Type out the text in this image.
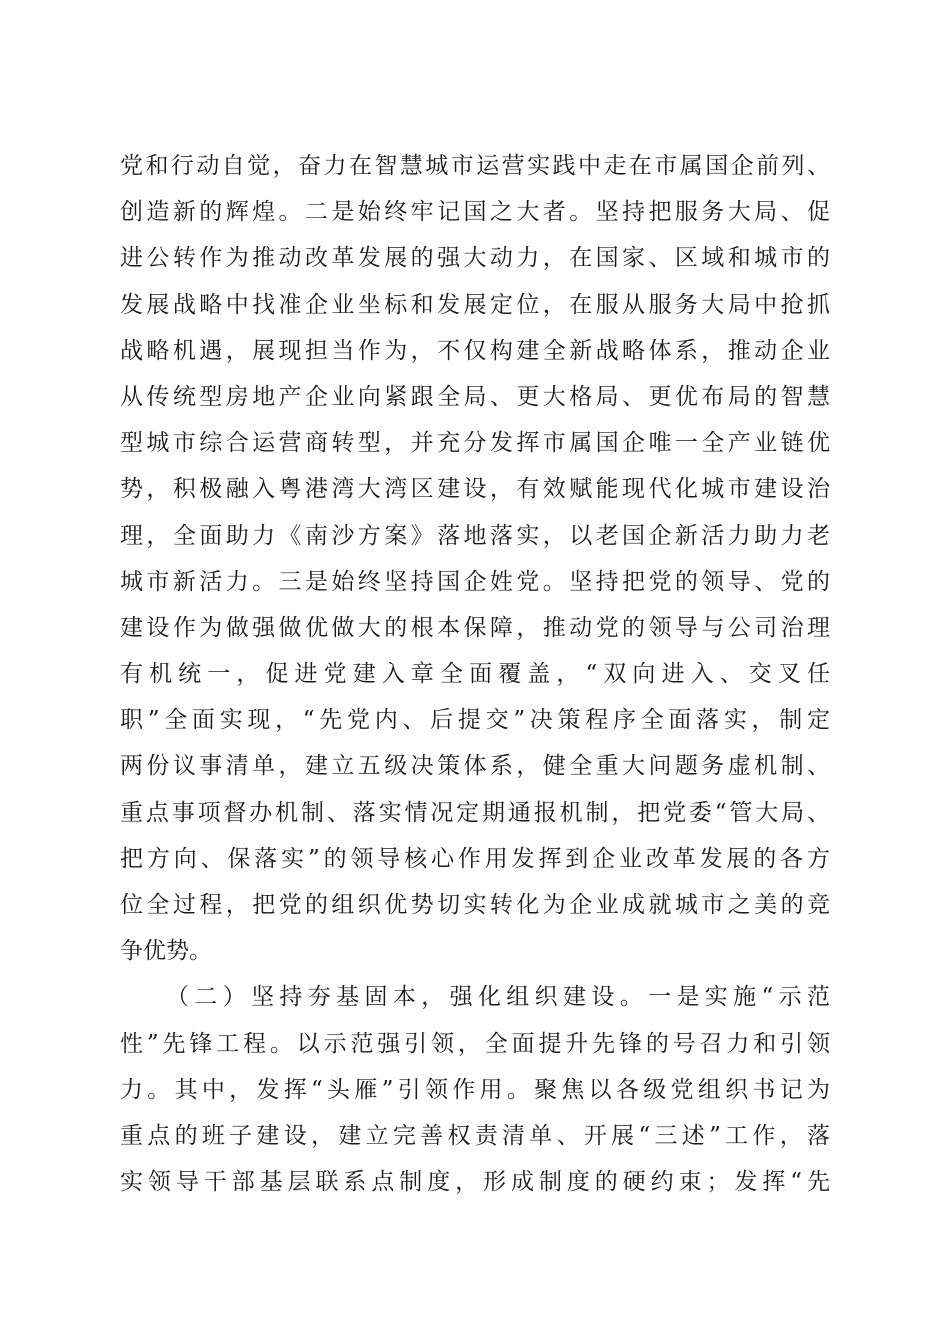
党和行动自觉，奋力在智慧城市运营实践中走在市属国企前列、
创造新的辉煌。二是始终牢记国之大者。坚持把服务大局、促
进公转作为推动改革发展的强大动力，在国家、区域和城市的
发展战略中找准企业坐标和发展定位，在服从服务大局中抢抓
战略机遇，展现担当作为，不仅构建全新战略体系，推动企业
从传统型房地产企业向紧跟全局、更大格局、更优布局的智慧
型城市综合运营商转型，并充分发挥市属国企唯一全产业链优
势，积极融入粤港湾大湾区建设，有效赋能现代化城市建设治
理，全面助力《南沙方案》落地落实，以老国企新活力助力老
城市新活力。三是始终坚持国企姓党。坚持把党的领导、党的
建设作为做强做优做大的根本保障，推动党的领导与公司治理
有机统一，促进党建入章全面覆盖，“双向进入、交叉任
职”全面实现，“先党内、后提交”决策程序全面落实，制定
两份议事清单，建立五级决策体系，健全重大问题务虚机制、
重点事项督办机制、落实情况定期通报机制，把党委“管大局、
把方向、保落实”的领导核心作用发挥到企业改革发展的各方
位全过程，把党的组织优势切实转化为企业成就城市之美的竞
争优势。
（二）坚持夯基固本，强化组织建设。一是实施“示范
性”先锋工程。以示范强引领，全面提升先锋的号召力和引领
力。其中，发挥“头雁”引领作用。聚焦以各级党组织书记为
重点的班子建设，建立完善权责清单、开展“三述”工作，落
实领导干部基层联系点制度，形成制度的硬约束；发挥“先
